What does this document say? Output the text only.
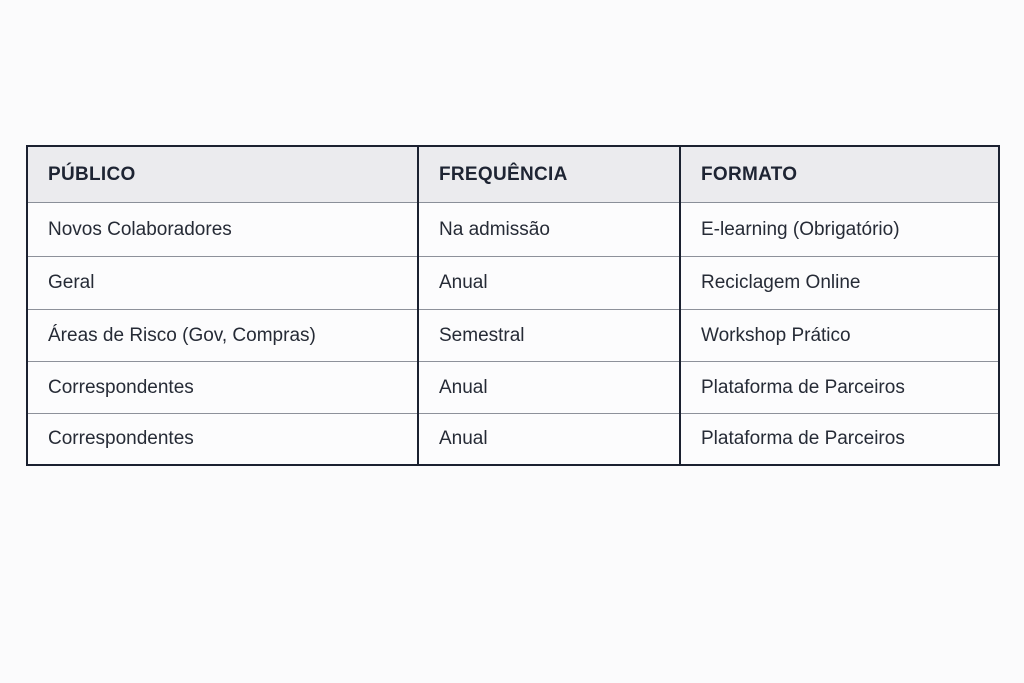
PÚBLICO	FREQUÊNCIA	FORMATO
Novos Colaboradores	Na admissão	E-learning (Obrigatório)
Geral	Anual	Reciclagem Online
Áreas de Risco (Gov, Compras)	Semestral	Workshop Prático
Correspondentes	Anual	Plataforma de Parceiros
Correspondentes	Anual	Plataforma de Parceiros
